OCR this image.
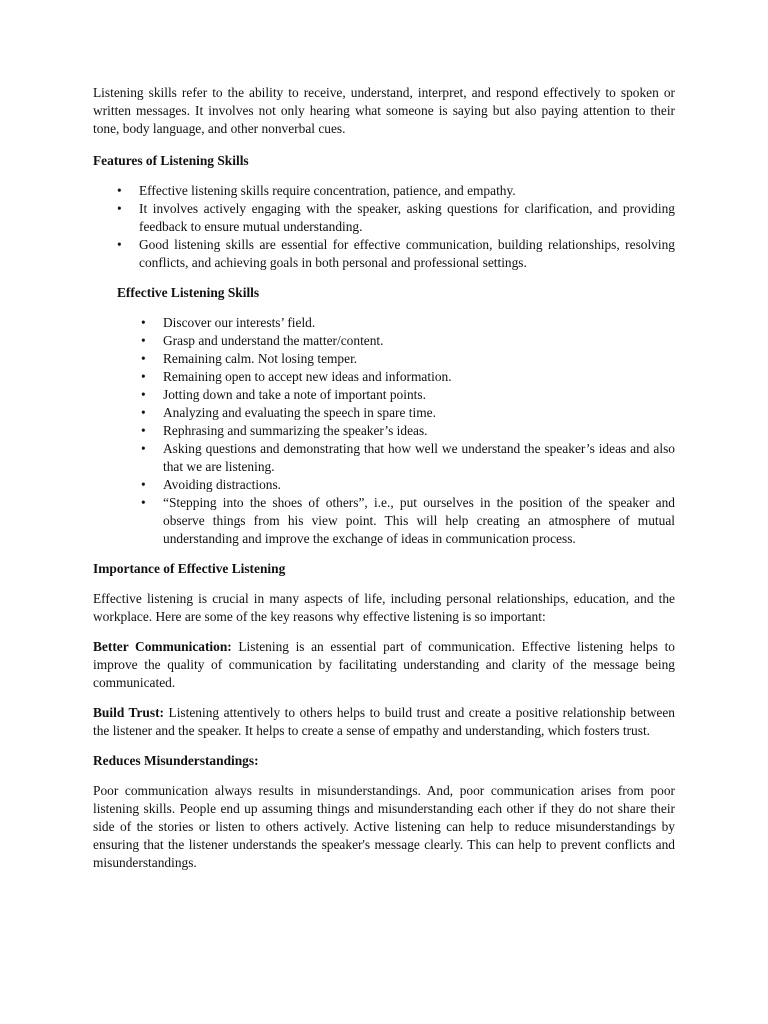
Listening skills refer to the ability to receive, understand, interpret, and respond effectively to spoken or written messages. It involves not only hearing what someone is saying but also paying attention to their tone, body language, and other nonverbal cues.

Features of Listening Skills

• Effective listening skills require concentration, patience, and empathy.
• It involves actively engaging with the speaker, asking questions for clarification, and providing feedback to ensure mutual understanding.
• Good listening skills are essential for effective communication, building relationships, resolving conflicts, and achieving goals in both personal and professional settings.

Effective Listening Skills

• Discover our interests’ field.
• Grasp and understand the matter/content.
• Remaining calm. Not losing temper.
• Remaining open to accept new ideas and information.
• Jotting down and take a note of important points.
• Analyzing and evaluating the speech in spare time.
• Rephrasing and summarizing the speaker’s ideas.
• Asking questions and demonstrating that how well we understand the speaker’s ideas and also that we are listening.
• Avoiding distractions.
• “Stepping into the shoes of others”, i.e., put ourselves in the position of the speaker and observe things from his view point. This will help creating an atmosphere of mutual understanding and improve the exchange of ideas in communication process.

Importance of Effective Listening

Effective listening is crucial in many aspects of life, including personal relationships, education, and the workplace. Here are some of the key reasons why effective listening is so important:

Better Communication: Listening is an essential part of communication. Effective listening helps to improve the quality of communication by facilitating understanding and clarity of the message being communicated.

Build Trust: Listening attentively to others helps to build trust and create a positive relationship between the listener and the speaker. It helps to create a sense of empathy and understanding, which fosters trust.

Reduces Misunderstandings:

Poor communication always results in misunderstandings. And, poor communication arises from poor listening skills. People end up assuming things and misunderstanding each other if they do not share their side of the stories or listen to others actively. Active listening can help to reduce misunderstandings by ensuring that the listener understands the speaker's message clearly. This can help to prevent conflicts and misunderstandings.
